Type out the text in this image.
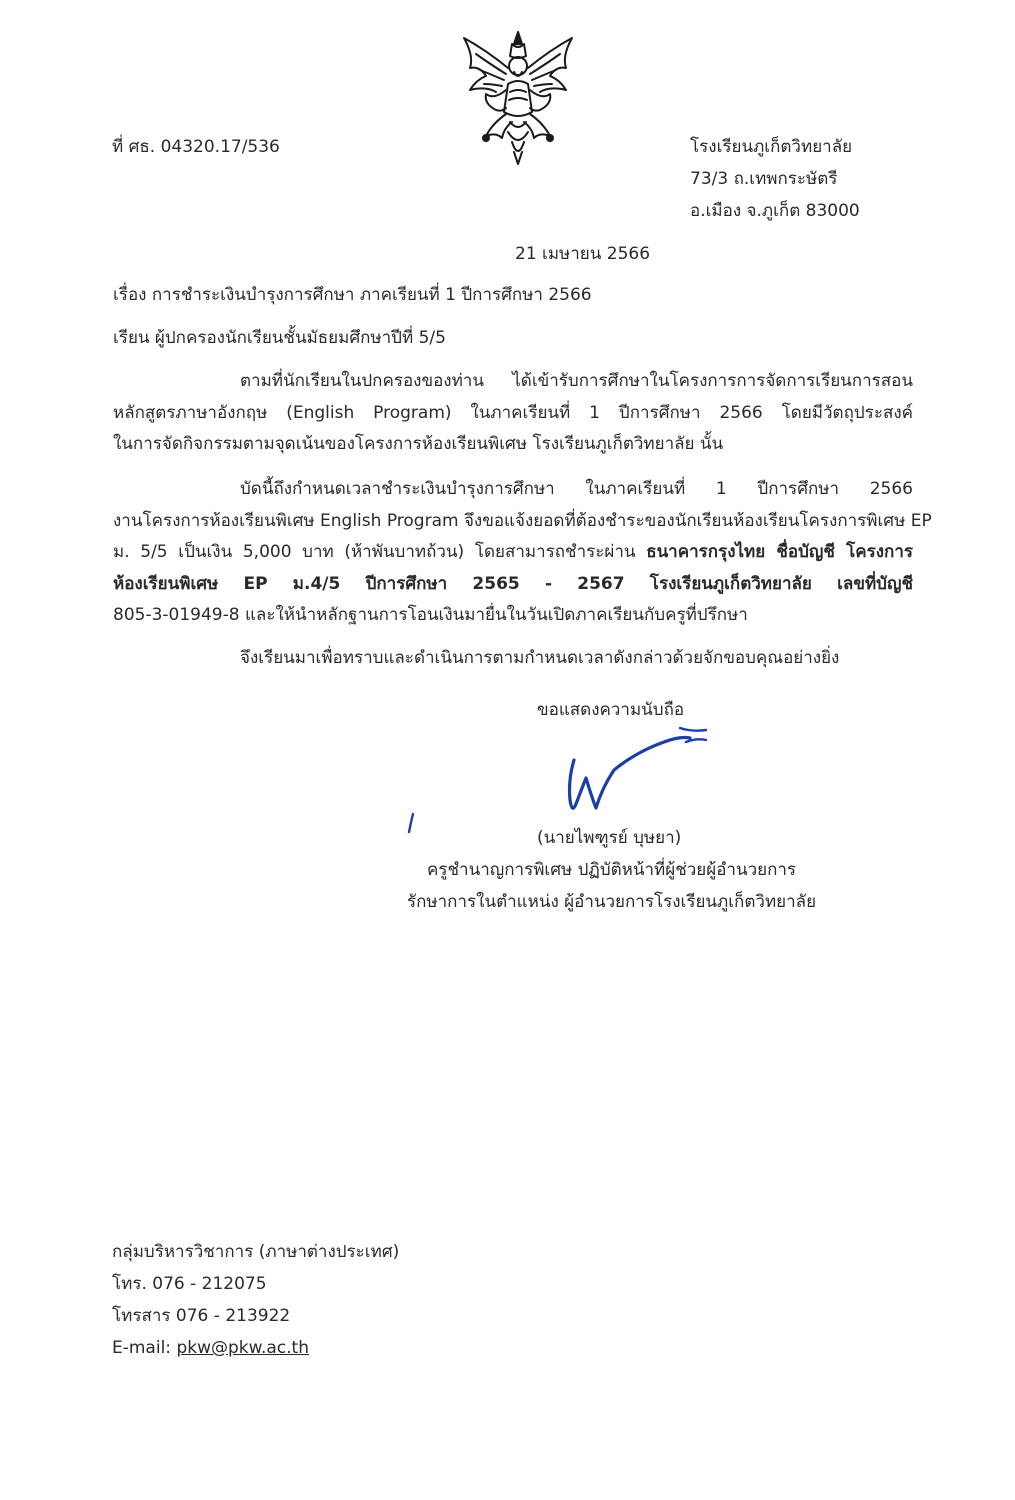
ที่ ศธ. 04320.17/536	โรงเรียนภูเก็ตวิทยาลัย
73/3 ถ.เทพกระษัตรี
อ.เมือง จ.ภูเก็ต 83000
21 เมษายน 2566
เรื่อง การชำระเงินบำรุงการศึกษา ภาคเรียนที่ 1 ปีการศึกษา 2566
เรียน ผู้ปกครองนักเรียนชั้นมัธยมศึกษาปีที่ 5/5
ตามที่นักเรียนในปกครองของท่าน ได้เข้ารับการศึกษาในโครงการการจัดการเรียนการสอน
หลักสูตรภาษาอังกฤษ (English Program) ในภาคเรียนที่ 1 ปีการศึกษา 2566 โดยมีวัตถุประสงค์
ในการจัดกิจกรรมตามจุดเน้นของโครงการห้องเรียนพิเศษ โรงเรียนภูเก็ตวิทยาลัย นั้น
บัดนี้ถึงกำหนดเวลาชำระเงินบำรุงการศึกษา ในภาคเรียนที่ 1 ปีการศึกษา 2566
งานโครงการห้องเรียนพิเศษ English Program จึงขอแจ้งยอดที่ต้องชำระของนักเรียนห้องเรียนโครงการพิเศษ EP
ม. 5/5 เป็นเงิน 5,000 บาท (ห้าพันบาทถ้วน) โดยสามารถชำระผ่าน ธนาคารกรุงไทย ชื่อบัญชี โครงการ
ห้องเรียนพิเศษ EP ม.4/5 ปีการศึกษา 2565 - 2567 โรงเรียนภูเก็ตวิทยาลัย เลขที่บัญชี
805-3-01949-8 และให้นำหลักฐานการโอนเงินมายื่นในวันเปิดภาคเรียนกับครูที่ปรึกษา
จึงเรียนมาเพื่อทราบและดำเนินการตามกำหนดเวลาดังกล่าวด้วยจักขอบคุณอย่างยิ่ง
ขอแสดงความนับถือ
(นายไพฑูรย์ บุษยา)
ครูชำนาญการพิเศษ ปฏิบัติหน้าที่ผู้ช่วยผู้อำนวยการ
รักษาการในตำแหน่ง ผู้อำนวยการโรงเรียนภูเก็ตวิทยาลัย
กลุ่มบริหารวิชาการ (ภาษาต่างประเทศ)
โทร. 076 - 212075
โทรสาร 076 - 213922
E-mail: pkw@pkw.ac.th
